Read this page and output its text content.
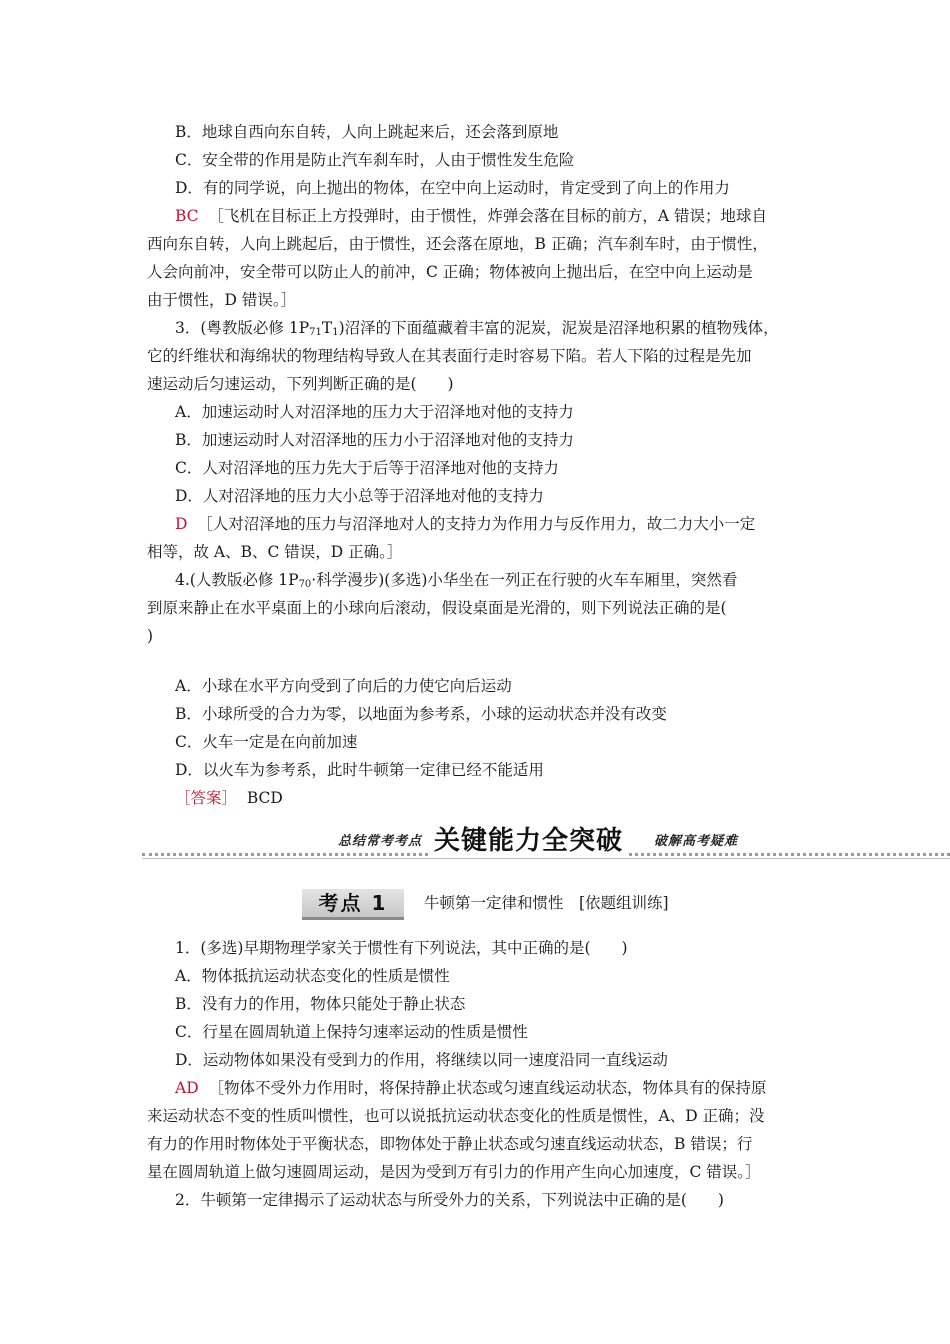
B．地球自西向东自转，人向上跳起来后，还会落到原地
C．安全带的作用是防止汽车刹车时，人由于惯性发生危险
D．有的同学说，向上抛出的物体，在空中向上运动时，肯定受到了向上的作用力
BC ［飞机在目标正上方投弹时，由于惯性，炸弹会落在目标的前方，A 错误；地球自
西向东自转，人向上跳起后，由于惯性，还会落在原地，B 正确；汽车刹车时，由于惯性，
人会向前冲，安全带可以防止人的前冲，C 正确；物体被向上抛出后，在空中向上运动是
由于惯性，D 错误。］
3．(粤教版必修 $1P_{71}T_1$)沼泽的下面蕴藏着丰富的泥炭，泥炭是沼泽地积累的植物残体，
它的纤维状和海绵状的物理结构导致人在其表面行走时容易下陷。若人下陷的过程是先加
速运动后匀速运动，下列判断正确的是(　　)
A．加速运动时人对沼泽地的压力大于沼泽地对他的支持力
B．加速运动时人对沼泽地的压力小于沼泽地对他的支持力
C．人对沼泽地的压力先大于后等于沼泽地对他的支持力
D．人对沼泽地的压力大小总等于沼泽地对他的支持力
D ［人对沼泽地的压力与沼泽地对人的支持力为作用力与反作用力，故二力大小一定
相等，故 A、B、C 错误，D 正确。］
4.(人教版必修 $1P_{70}\cdot$科学漫步)(多选)小华坐在一列正在行驶的火车车厢里，突然看
到原来静止在水平桌面上的小球向后滚动，假设桌面是光滑的，则下列说法正确的是(
)
A．小球在水平方向受到了向后的力使它向后运动
B．小球所受的合力为零，以地面为参考系，小球的运动状态并没有改变
C．火车一定是在向前加速
D．以火车为参考系，此时牛顿第一定律已经不能适用
［答案］ BCD
总结常考考点 关键能力全突破	破解高考疑难
考点 1	牛顿第一定律和惯性　[依题组训练]
1．(多选)早期物理学家关于惯性有下列说法，其中正确的是(　　)
A．物体抵抗运动状态变化的性质是惯性
B．没有力的作用，物体只能处于静止状态
C．行星在圆周轨道上保持匀速率运动的性质是惯性
D．运动物体如果没有受到力的作用，将继续以同一速度沿同一直线运动
AD ［物体不受外力作用时，将保持静止状态或匀速直线运动状态，物体具有的保持原
来运动状态不变的性质叫惯性，也可以说抵抗运动状态变化的性质是惯性，A、D 正确；没
有力的作用时物体处于平衡状态，即物体处于静止状态或匀速直线运动状态，B 错误；行
星在圆周轨道上做匀速圆周运动，是因为受到万有引力的作用产生向心加速度，C 错误。］
2．牛顿第一定律揭示了运动状态与所受外力的关系，下列说法中正确的是(　　)
